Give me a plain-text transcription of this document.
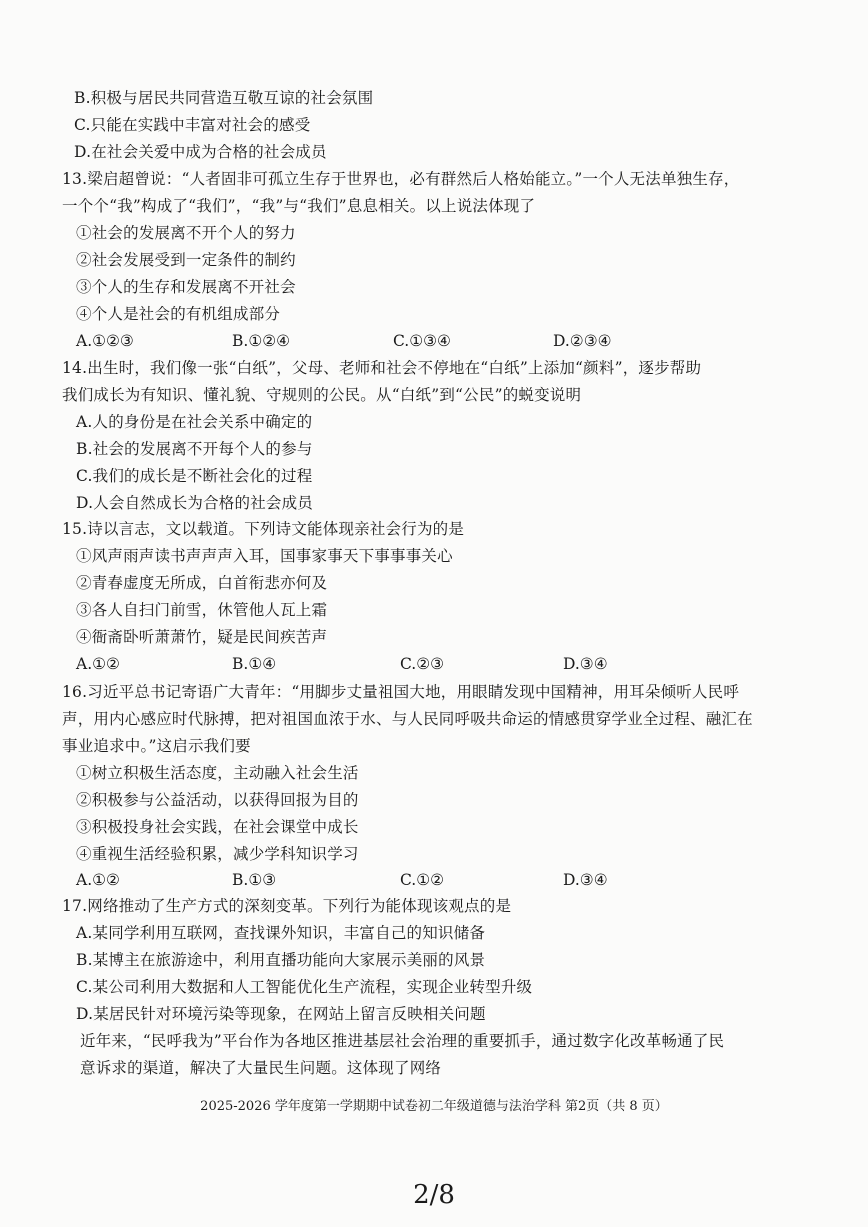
B.积极与居民共同营造互敬互谅的社会氛围
C.只能在实践中丰富对社会的感受
D.在社会关爱中成为合格的社会成员
13.梁启超曾说：“人者固非可孤立生存于世界也，必有群然后人格始能立。”一个人无法单独生存，
一个个“我”构成了“我们”，“我”与“我们”息息相关。以上说法体现了
①社会的发展离不开个人的努力
②社会发展受到一定条件的制约
③个人的生存和发展离不开社会
④个人是社会的有机组成部分
A.①②③	B.①②④	C.①③④	D.②③④
14.出生时，我们像一张“白纸”，父母、老师和社会不停地在“白纸”上添加“颜料”，逐步帮助
我们成长为有知识、懂礼貌、守规则的公民。从“白纸”到“公民”的蜕变说明
A.人的身份是在社会关系中确定的
B.社会的发展离不开每个人的参与
C.我们的成长是不断社会化的过程
D.人会自然成长为合格的社会成员
15.诗以言志，文以载道。下列诗文能体现亲社会行为的是
①风声雨声读书声声声入耳，国事家事天下事事事关心
②青春虚度无所成，白首衔悲亦何及
③各人自扫门前雪，休管他人瓦上霜
④衙斋卧听萧萧竹，疑是民间疾苦声
A.①②	B.①④	C.②③	D.③④
16.习近平总书记寄语广大青年：“用脚步丈量祖国大地，用眼睛发现中国精神，用耳朵倾听人民呼
声，用内心感应时代脉搏，把对祖国血浓于水、与人民同呼吸共命运的情感贯穿学业全过程、融汇在
事业追求中。”这启示我们要
①树立积极生活态度，主动融入社会生活
②积极参与公益活动，以获得回报为目的
③积极投身社会实践，在社会课堂中成长
④重视生活经验积累，减少学科知识学习
A.①②	B.①③	C.①②	D.③④
17.网络推动了生产方式的深刻变革。下列行为能体现该观点的是
A.某同学利用互联网，查找课外知识，丰富自己的知识储备
B.某博主在旅游途中，利用直播功能向大家展示美丽的风景
C.某公司利用大数据和人工智能优化生产流程，实现企业转型升级
D.某居民针对环境污染等现象，在网站上留言反映相关问题
近年来，“民呼我为”平台作为各地区推进基层社会治理的重要抓手，通过数字化改革畅通了民
意诉求的渠道，解决了大量民生问题。这体现了网络
2025-2026 学年度第一学期期中试卷初二年级道德与法治学科 第2页（共 8 页）
2/8
